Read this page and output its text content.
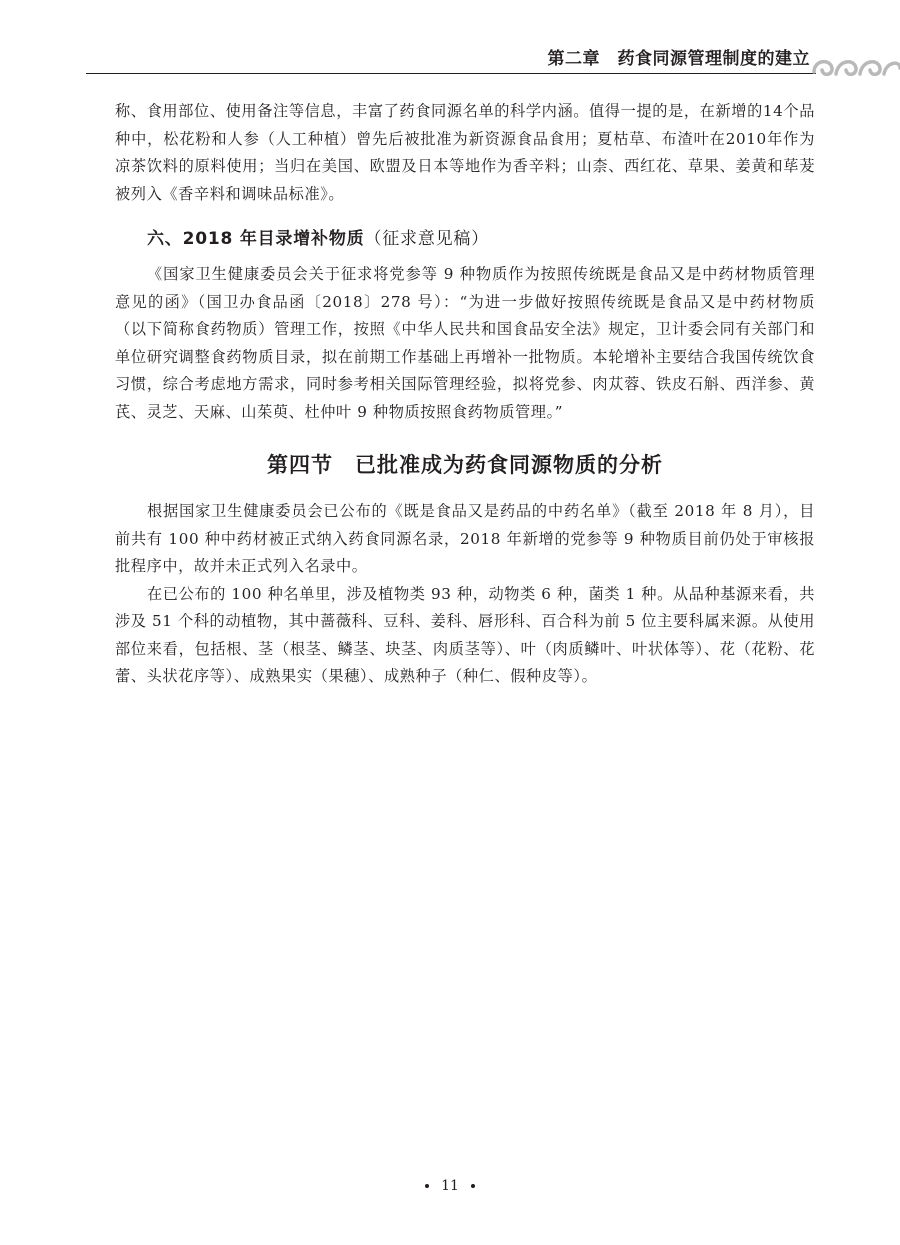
第二章　药食同源管理制度的建立

称、食用部位、使用备注等信息，丰富了药食同源名单的科学内涵。值得一提的是，在新增的14个品种中，松花粉和人参（人工种植）曾先后被批准为新资源食品食用；夏枯草、布渣叶在2010年作为凉茶饮料的原料使用；当归在美国、欧盟及日本等地作为香辛料；山柰、西红花、草果、姜黄和荜茇被列入《香辛料和调味品标准》。

六、2018 年目录增补物质（征求意见稿）

《国家卫生健康委员会关于征求将党参等 9 种物质作为按照传统既是食品又是中药材物质管理意见的函》（国卫办食品函〔2018〕278 号）：“为进一步做好按照传统既是食品又是中药材物质（以下简称食药物质）管理工作，按照《中华人民共和国食品安全法》规定，卫计委会同有关部门和单位研究调整食药物质目录，拟在前期工作基础上再增补一批物质。本轮增补主要结合我国传统饮食习惯，综合考虑地方需求，同时参考相关国际管理经验，拟将党参、肉苁蓉、铁皮石斛、西洋参、黄芪、灵芝、天麻、山茱萸、杜仲叶 9 种物质按照食药物质管理。”

第四节　已批准成为药食同源物质的分析

根据国家卫生健康委员会已公布的《既是食品又是药品的中药名单》（截至 2018 年 8 月），目前共有 100 种中药材被正式纳入药食同源名录，2018 年新增的党参等 9 种物质目前仍处于审核报批程序中，故并未正式列入名录中。

在已公布的 100 种名单里，涉及植物类 93 种，动物类 6 种，菌类 1 种。从品种基源来看，共涉及 51 个科的动植物，其中蔷薇科、豆科、姜科、唇形科、百合科为前 5 位主要科属来源。从使用部位来看，包括根、茎（根茎、鳞茎、块茎、肉质茎等）、叶（肉质鳞叶、叶状体等）、花（花粉、花蕾、头状花序等）、成熟果实（果穗）、成熟种子（种仁、假种皮等）。

11
